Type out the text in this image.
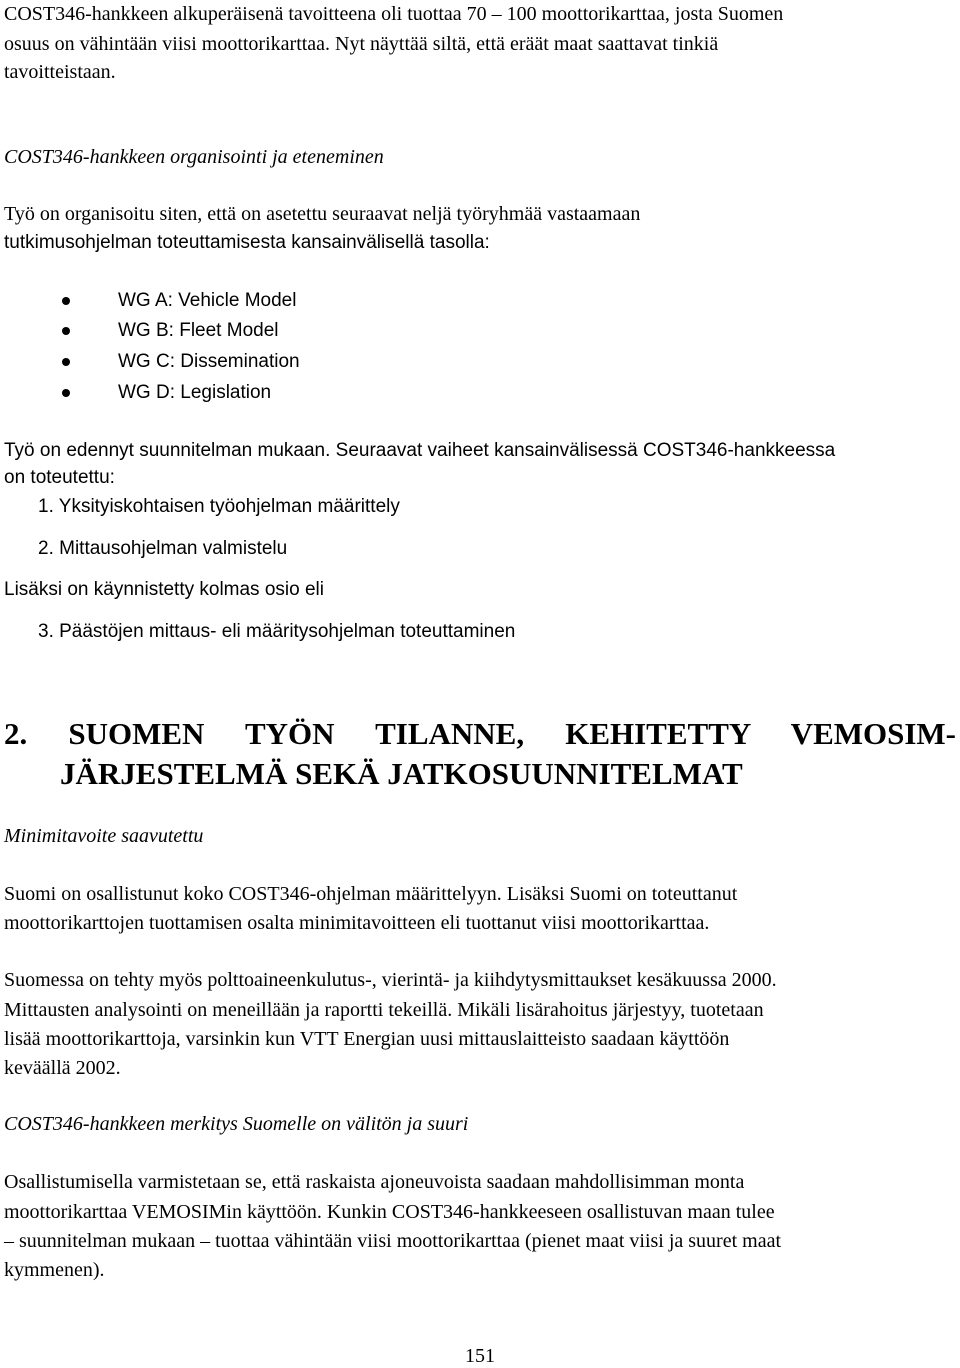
COST346-hankkeen alkuperäisenä tavoitteena oli tuottaa 70 – 100 moottorikarttaa, josta Suomen
osuus on vähintään viisi moottorikarttaa. Nyt näyttää siltä, että eräät maat saattavat tinkiä
tavoitteistaan.
COST346-hankkeen organisointi ja eteneminen
Työ on organisoitu siten, että on asetettu seuraavat neljä työryhmää vastaamaan
tutkimusohjelman toteuttamisesta kansainvälisellä tasolla:
WG A: Vehicle Model
WG B: Fleet Model
WG C: Dissemination
WG D: Legislation
Työ on edennyt suunnitelman mukaan. Seuraavat vaiheet kansainvälisessä COST346-hankkeessa
on toteutettu:
1. Yksityiskohtaisen työohjelman määrittely
2. Mittausohjelman valmistelu
Lisäksi on käynnistetty kolmas osio eli
3. Päästöjen mittaus- eli määritysohjelman toteuttaminen
2. SUOMEN TYÖN TILANNE, KEHITETTY VEMOSIM-
JÄRJESTELMÄ SEKÄ JATKOSUUNNITELMAT
Minimitavoite saavutettu
Suomi on osallistunut koko COST346-ohjelman määrittelyyn. Lisäksi Suomi on toteuttanut
moottorikarttojen tuottamisen osalta minimitavoitteen eli tuottanut viisi moottorikarttaa.
Suomessa on tehty myös polttoaineenkulutus-, vierintä- ja kiihdytysmittaukset kesäkuussa 2000.
Mittausten analysointi on meneillään ja raportti tekeillä. Mikäli lisärahoitus järjestyy, tuotetaan
lisää moottorikarttoja, varsinkin kun VTT Energian uusi mittauslaitteisto saadaan käyttöön
keväällä 2002.
COST346-hankkeen merkitys Suomelle on välitön ja suuri
Osallistumisella varmistetaan se, että raskaista ajoneuvoista saadaan mahdollisimman monta
moottorikarttaa VEMOSIMin käyttöön. Kunkin COST346-hankkeeseen osallistuvan maan tulee
– suunnitelman mukaan – tuottaa vähintään viisi moottorikarttaa (pienet maat viisi ja suuret maat
kymmenen).
151
